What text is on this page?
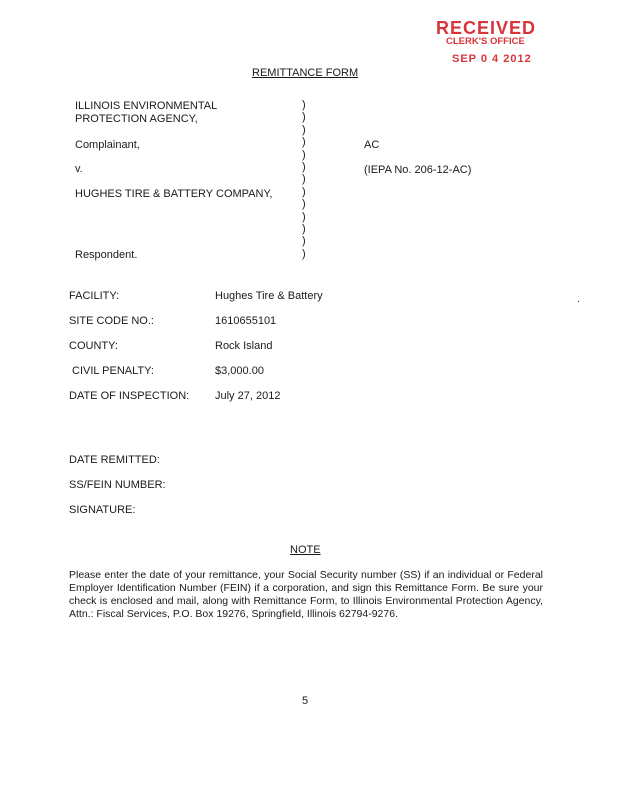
RECEIVED
CLERK'S OFFICE
SEP 0 4 2012
REMITTANCE FORM
ILLINOIS ENVIRONMENTAL
PROTECTION AGENCY,
Complainant,
v.
HUGHES TIRE & BATTERY COMPANY,
Respondent.
)
)
)
)
)
)
)
)
)
)
)
)
)
AC
(IEPA No. 206-12-AC)
FACILITY:	Hughes Tire & Battery	.
SITE CODE NO.:	1610655101
COUNTY:	Rock Island
CIVIL PENALTY:	$3,000.00
DATE OF INSPECTION: July 27, 2012
DATE REMITTED:
SS/FEIN NUMBER:
SIGNATURE:
NOTE
Please enter the date of your remittance, your Social Security number (SS) if an individual or Federal Employer Identification Number (FEIN) if a corporation, and sign this Remittance Form. Be sure your check is enclosed and mail, along with Remittance Form, to Illinois Environmental Protection Agency, Attn.: Fiscal Services, P.O. Box 19276, Springfield, Illinois 62794-9276.
5
